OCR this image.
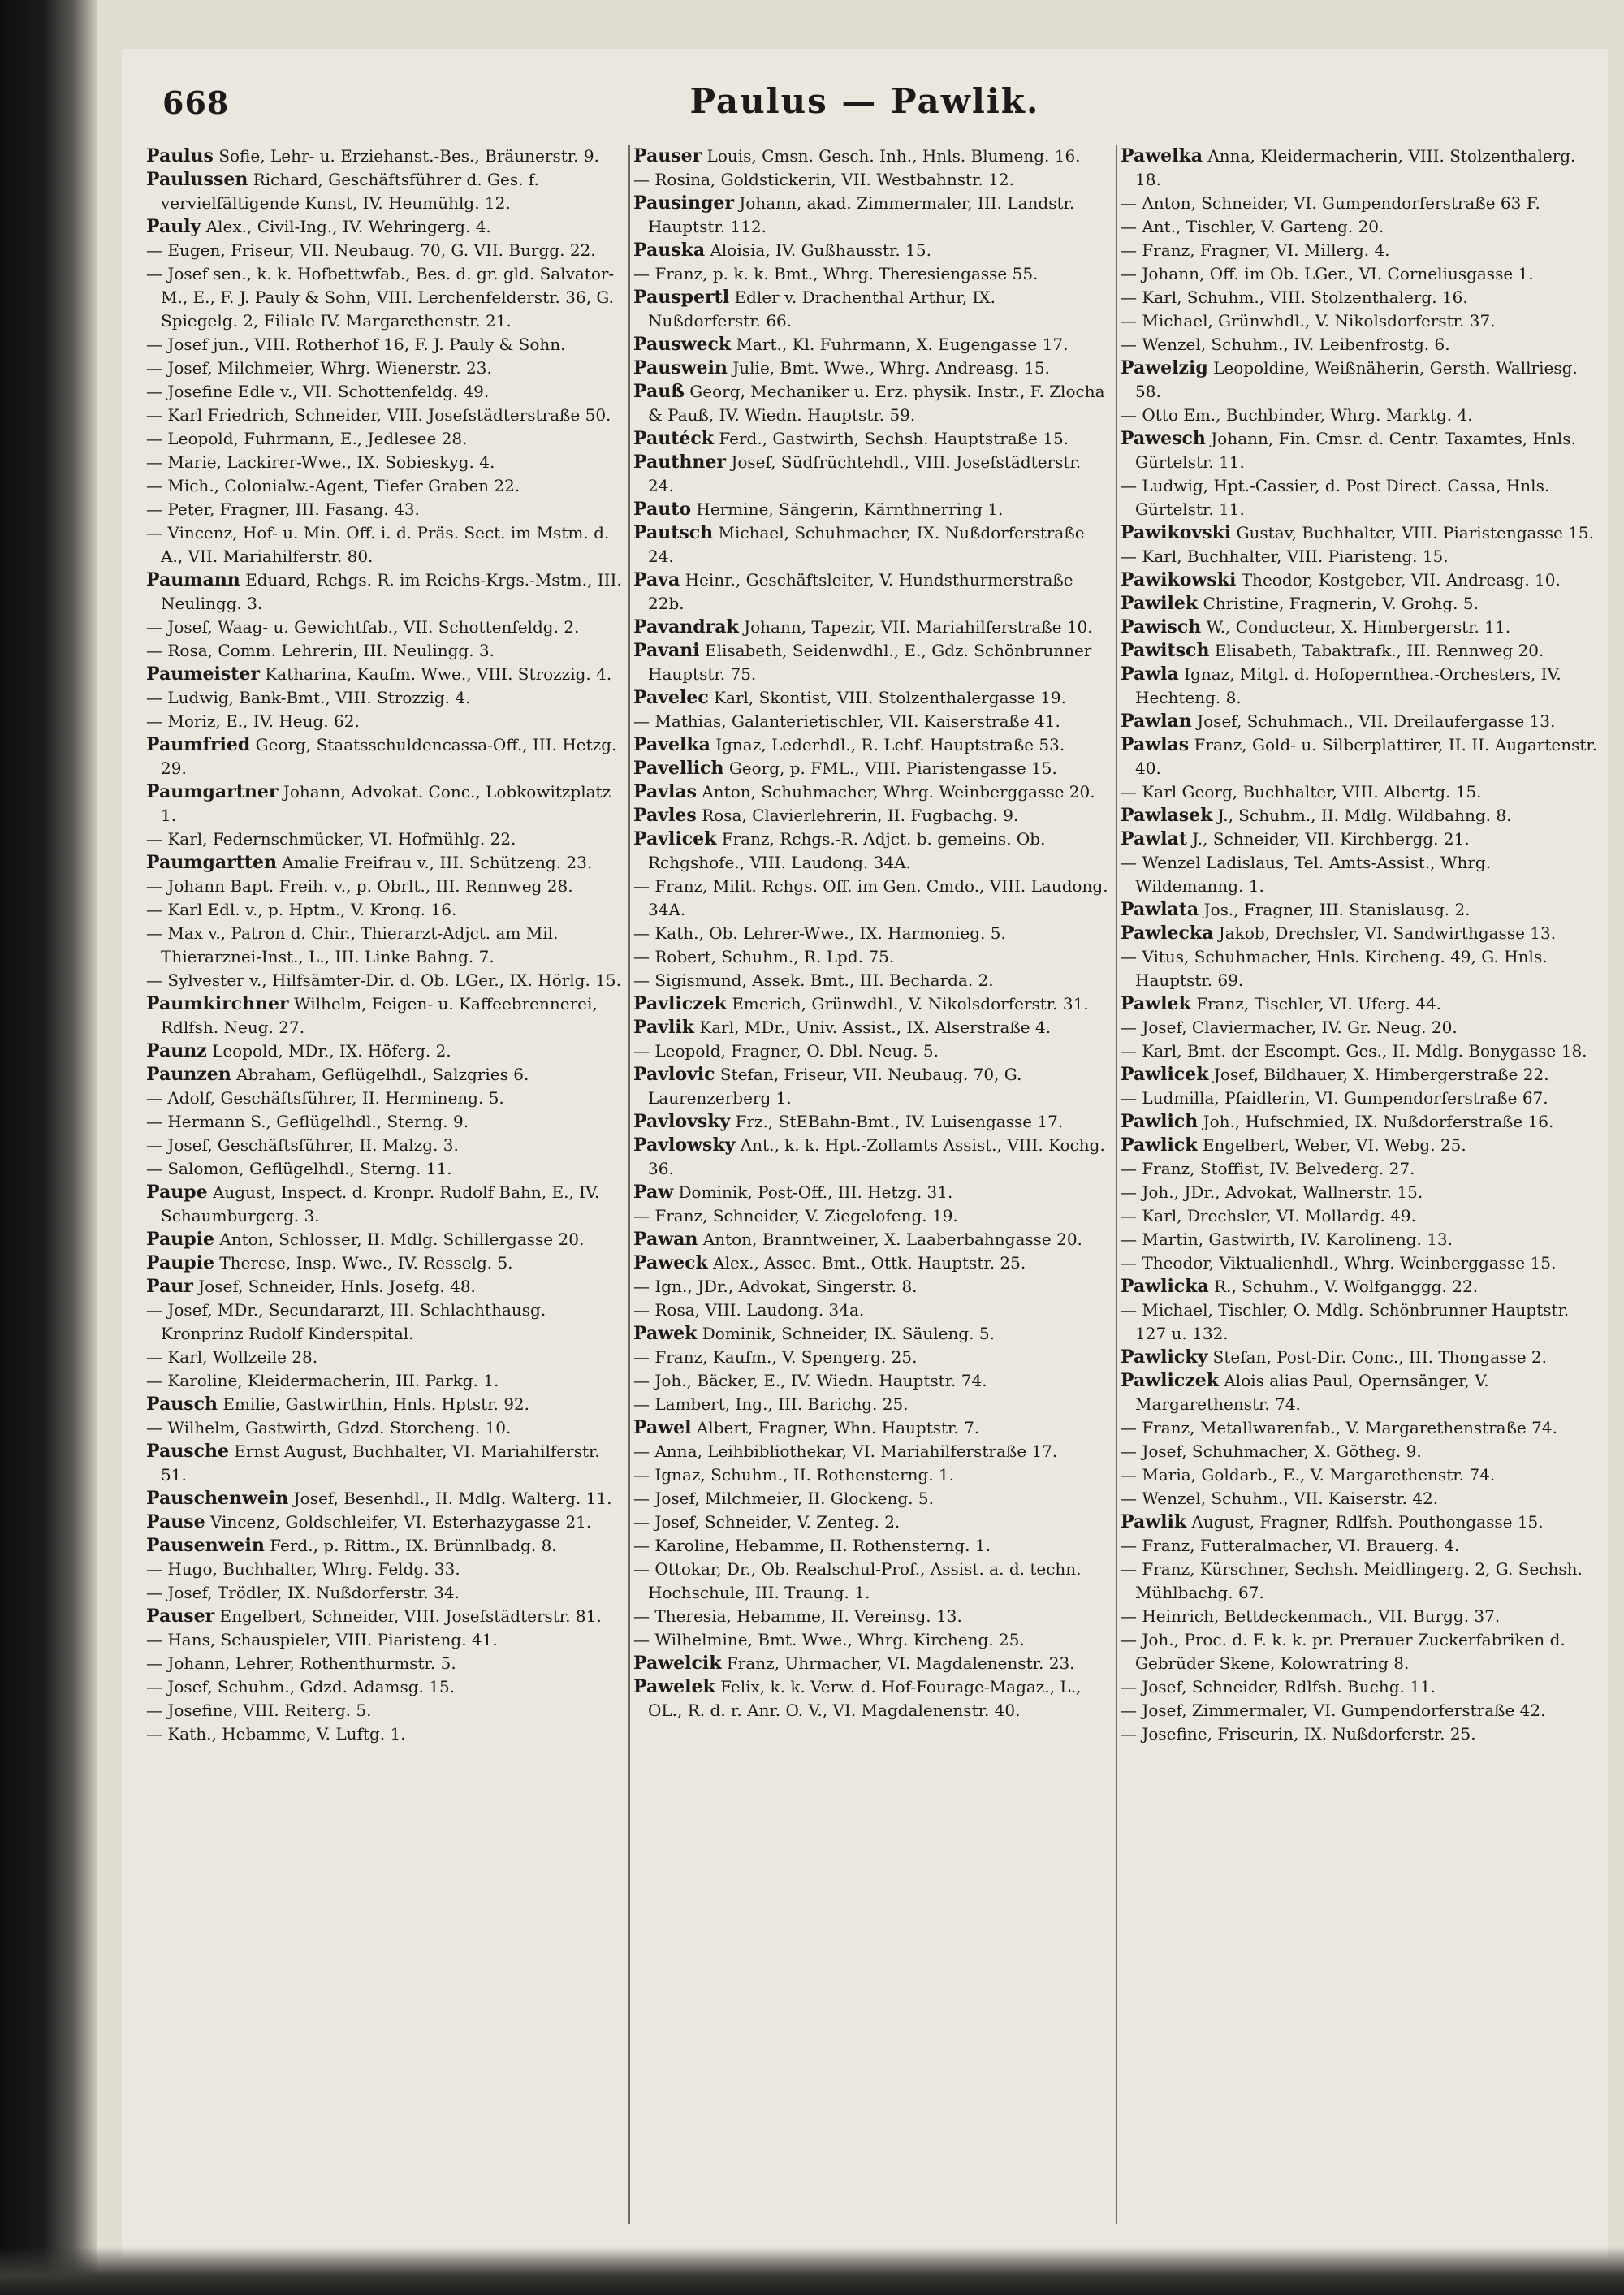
668	Paulus — Pawlik.

Paulus Sofie, Lehr- u. Erziehanst.-Bes., Bräunerstr. 9.

Paulussen Richard, Geschäftsführer d. Ges. f. vervielfältigende Kunst, IV. Heumühlg. 12.

Pauly Alex., Civil-Ing., IV. Wehringerg. 4.

— Eugen, Friseur, VII. Neubaug. 70, G. VII. Burgg. 22.

— Josef sen., k. k. Hofbettwfab., Bes. d. gr. gld. Salvator-M., E., F. J. Pauly & Sohn, VIII. Lerchenfelderstr. 36, G. Spiegelg. 2, Filiale IV. Margarethenstr. 21.

— Josef jun., VIII. Rotherhof 16, F. J. Pauly & Sohn.

— Josef, Milchmeier, Whrg. Wienerstr. 23.

— Josefine Edle v., VII. Schottenfeldg. 49.

— Karl Friedrich, Schneider, VIII. Josefstädterstraße 50.

— Leopold, Fuhrmann, E., Jedlesee 28.

— Marie, Lackirer-Wwe., IX. Sobieskyg. 4.

— Mich., Colonialw.-Agent, Tiefer Graben 22.

— Peter, Fragner, III. Fasang. 43.

— Vincenz, Hof- u. Min. Off. i. d. Präs. Sect. im Mstm. d. A., VII. Mariahilferstr. 80.

Paumann Eduard, Rchgs. R. im Reichs-Krgs.-Mstm., III. Neulingg. 3.

— Josef, Waag- u. Gewichtfab., VII. Schottenfeldg. 2.

— Rosa, Comm. Lehrerin, III. Neulingg. 3.

Paumeister Katharina, Kaufm. Wwe., VIII. Strozzig. 4.

— Ludwig, Bank-Bmt., VIII. Strozzig. 4.

— Moriz, E., IV. Heug. 62.

Paumfried Georg, Staatsschuldencassa-Off., III. Hetzg. 29.

Paumgartner Johann, Advokat. Conc., Lobkowitzplatz 1.

— Karl, Federnschmücker, VI. Hofmühlg. 22.

Paumgartten Amalie Freifrau v., III. Schützeng. 23.

— Johann Bapt. Freih. v., p. Obrlt., III. Rennweg 28.

— Karl Edl. v., p. Hptm., V. Krong. 16.

— Max v., Patron d. Chir., Thierarzt-Adjct. am Mil. Thierarznei-Inst., L., III. Linke Bahng. 7.

— Sylvester v., Hilfsämter-Dir. d. Ob. LGer., IX. Hörlg. 15.

Paumkirchner Wilhelm, Feigen- u. Kaffeebrennerei, Rdlfsh. Neug. 27.

Paunz Leopold, MDr., IX. Höferg. 2.

Paunzen Abraham, Geflügelhdl., Salzgries 6.

— Adolf, Geschäftsführer, II. Hermineng. 5.

— Hermann S., Geflügelhdl., Sterng. 9.

— Josef, Geschäftsführer, II. Malzg. 3.

— Salomon, Geflügelhdl., Sterng. 11.

Paupe August, Inspect. d. Kronpr. Rudolf Bahn, E., IV. Schaumburgerg. 3.

Paupie Anton, Schlosser, II. Mdlg. Schillergasse 20.

Paupie Therese, Insp. Wwe., IV. Resselg. 5.

Paur Josef, Schneider, Hnls. Josefg. 48.

— Josef, MDr., Secundararzt, III. Schlachthausg. Kronprinz Rudolf Kinderspital.

— Karl, Wollzeile 28.

— Karoline, Kleidermacherin, III. Parkg. 1.

Pausch Emilie, Gastwirthin, Hnls. Hptstr. 92.

— Wilhelm, Gastwirth, Gdzd. Storcheng. 10.

Pausche Ernst August, Buchhalter, VI. Mariahilferstr. 51.

Pauschenwein Josef, Besenhdl., II. Mdlg. Walterg. 11.

Pause Vincenz, Goldschleifer, VI. Esterhazygasse 21.

Pausenwein Ferd., p. Rittm., IX. Brünnlbadg. 8.

— Hugo, Buchhalter, Whrg. Feldg. 33.

— Josef, Trödler, IX. Nußdorferstr. 34.

Pauser Engelbert, Schneider, VIII. Josefstädterstr. 81.

— Hans, Schauspieler, VIII. Piaristeng. 41.

— Johann, Lehrer, Rothenthurmstr. 5.

— Josef, Schuhm., Gdzd. Adamsg. 15.

— Josefine, VIII. Reiterg. 5.

— Kath., Hebamme, V. Luftg. 1.

Pauser Louis, Cmsn. Gesch. Inh., Hnls. Blumeng. 16.

— Rosina, Goldstickerin, VII. Westbahnstr. 12.

Pausinger Johann, akad. Zimmermaler, III. Landstr. Hauptstr. 112.

Pauska Aloisia, IV. Gußhausstr. 15.

— Franz, p. k. k. Bmt., Whrg. Theresiengasse 55.

Pauspertl Edler v. Drachenthal Arthur, IX. Nußdorferstr. 66.

Pausweck Mart., Kl. Fuhrmann, X. Eugengasse 17.

Pauswein Julie, Bmt. Wwe., Whrg. Andreasg. 15.

Pauß Georg, Mechaniker u. Erz. physik. Instr., F. Zlocha & Pauß, IV. Wiedn. Hauptstr. 59.

Pautéck Ferd., Gastwirth, Sechsh. Hauptstraße 15.

Pauthner Josef, Südfrüchtehdl., VIII. Josefstädterstr. 24.

Pauto Hermine, Sängerin, Kärnthnerring 1.

Pautsch Michael, Schuhmacher, IX. Nußdorferstraße 24.

Pava Heinr., Geschäftsleiter, V. Hundsthurmerstraße 22b.

Pavandrak Johann, Tapezir, VII. Mariahilferstraße 10.

Pavani Elisabeth, Seidenwdhl., E., Gdz. Schönbrunner Hauptstr. 75.

Pavelec Karl, Skontist, VIII. Stolzenthalergasse 19.

— Mathias, Galanterietischler, VII. Kaiserstraße 41.

Pavelka Ignaz, Lederhdl., R. Lchf. Hauptstraße 53.

Pavellich Georg, p. FML., VIII. Piaristengasse 15.

Pavlas Anton, Schuhmacher, Whrg. Weinberggasse 20.

Pavles Rosa, Clavierlehrerin, II. Fugbachg. 9.

Pavlicek Franz, Rchgs.-R. Adjct. b. gemeins. Ob. Rchgshofe., VIII. Laudong. 34A.

— Franz, Milit. Rchgs. Off. im Gen. Cmdo., VIII. Laudong. 34A.

— Kath., Ob. Lehrer-Wwe., IX. Harmonieg. 5.

— Robert, Schuhm., R. Lpd. 75.

— Sigismund, Assek. Bmt., III. Becharda. 2.

Pavliczek Emerich, Grünwdhl., V. Nikolsdorferstr. 31.

Pavlik Karl, MDr., Univ. Assist., IX. Alserstraße 4.

— Leopold, Fragner, O. Dbl. Neug. 5.

Pavlovic Stefan, Friseur, VII. Neubaug. 70, G. Laurenzerberg 1.

Pavlovsky Frz., StEBahn-Bmt., IV. Luisengasse 17.

Pavlowsky Ant., k. k. Hpt.-Zollamts Assist., VIII. Kochg. 36.

Paw Dominik, Post-Off., III. Hetzg. 31.

— Franz, Schneider, V. Ziegelofeng. 19.

Pawan Anton, Branntweiner, X. Laaberbahngasse 20.

Paweck Alex., Assec. Bmt., Ottk. Hauptstr. 25.

— Ign., JDr., Advokat, Singerstr. 8.

— Rosa, VIII. Laudong. 34a.

Pawek Dominik, Schneider, IX. Säuleng. 5.

— Franz, Kaufm., V. Spengerg. 25.

— Joh., Bäcker, E., IV. Wiedn. Hauptstr. 74.

— Lambert, Ing., III. Barichg. 25.

Pawel Albert, Fragner, Whn. Hauptstr. 7.

— Anna, Leihbibliothekar, VI. Mariahilferstraße 17.

— Ignaz, Schuhm., II. Rothensterng. 1.

— Josef, Milchmeier, II. Glockeng. 5.

— Josef, Schneider, V. Zenteg. 2.

— Karoline, Hebamme, II. Rothensterng. 1.

— Ottokar, Dr., Ob. Realschul-Prof., Assist. a. d. techn. Hochschule, III. Traung. 1.

— Theresia, Hebamme, II. Vereinsg. 13.

— Wilhelmine, Bmt. Wwe., Whrg. Kircheng. 25.

Pawelcik Franz, Uhrmacher, VI. Magdalenenstr. 23.

Pawelek Felix, k. k. Verw. d. Hof-Fourage-Magaz., L., OL., R. d. r. Anr. O. V., VI. Magdalenenstr. 40.

Pawelka Anna, Kleidermacherin, VIII. Stolzenthalerg. 18.

— Anton, Schneider, VI. Gumpendorferstraße 63 F.

— Ant., Tischler, V. Garteng. 20.

— Franz, Fragner, VI. Millerg. 4.

— Johann, Off. im Ob. LGer., VI. Corneliusgasse 1.

— Karl, Schuhm., VIII. Stolzenthalerg. 16.

— Michael, Grünwhdl., V. Nikolsdorferstr. 37.

— Wenzel, Schuhm., IV. Leibenfrostg. 6.

Pawelzig Leopoldine, Weißnäherin, Gersth. Wallriesg. 58.

— Otto Em., Buchbinder, Whrg. Marktg. 4.

Pawesch Johann, Fin. Cmsr. d. Centr. Taxamtes, Hnls. Gürtelstr. 11.

— Ludwig, Hpt.-Cassier, d. Post Direct. Cassa, Hnls. Gürtelstr. 11.

Pawikovski Gustav, Buchhalter, VIII. Piaristengasse 15.

— Karl, Buchhalter, VIII. Piaristeng. 15.

Pawikowski Theodor, Kostgeber, VII. Andreasg. 10.

Pawilek Christine, Fragnerin, V. Grohg. 5.

Pawisch W., Conducteur, X. Himbergerstr. 11.

Pawitsch Elisabeth, Tabaktrafk., III. Rennweg 20.

Pawla Ignaz, Mitgl. d. Hofopernthea.-Orchesters, IV. Hechteng. 8.

Pawlan Josef, Schuhmach., VII. Dreilaufergasse 13.

Pawlas Franz, Gold- u. Silberplattirer, II. II. Augartenstr. 40.

— Karl Georg, Buchhalter, VIII. Albertg. 15.

Pawlasek J., Schuhm., II. Mdlg. Wildbahng. 8.

Pawlat J., Schneider, VII. Kirchbergg. 21.

— Wenzel Ladislaus, Tel. Amts-Assist., Whrg. Wildemanng. 1.

Pawlata Jos., Fragner, III. Stanislausg. 2.

Pawlecka Jakob, Drechsler, VI. Sandwirthgasse 13.

— Vitus, Schuhmacher, Hnls. Kircheng. 49, G. Hnls. Hauptstr. 69.

Pawlek Franz, Tischler, VI. Uferg. 44.

— Josef, Claviermacher, IV. Gr. Neug. 20.

— Karl, Bmt. der Escompt. Ges., II. Mdlg. Bonygasse 18.

Pawlicek Josef, Bildhauer, X. Himbergerstraße 22.

— Ludmilla, Pfaidlerin, VI. Gumpendorferstraße 67.

Pawlich Joh., Hufschmied, IX. Nußdorferstraße 16.

Pawlick Engelbert, Weber, VI. Webg. 25.

— Franz, Stoffist, IV. Belvederg. 27.

— Joh., JDr., Advokat, Wallnerstr. 15.

— Karl, Drechsler, VI. Mollardg. 49.

— Martin, Gastwirth, IV. Karolineng. 13.

— Theodor, Viktualienhdl., Whrg. Weinberggasse 15.

Pawlicka R., Schuhm., V. Wolfganggg. 22.

— Michael, Tischler, O. Mdlg. Schönbrunner Hauptstr. 127 u. 132.

Pawlicky Stefan, Post-Dir. Conc., III. Thongasse 2.

Pawliczek Alois alias Paul, Opernsänger, V. Margarethenstr. 74.

— Franz, Metallwarenfab., V. Margarethenstraße 74.

— Josef, Schuhmacher, X. Götheg. 9.

— Maria, Goldarb., E., V. Margarethenstr. 74.

— Wenzel, Schuhm., VII. Kaiserstr. 42.

Pawlik August, Fragner, Rdlfsh. Pouthongasse 15.

— Franz, Futteralmacher, VI. Brauerg. 4.

— Franz, Kürschner, Sechsh. Meidlingerg. 2, G. Sechsh. Mühlbachg. 67.

— Heinrich, Bettdeckenmach., VII. Burgg. 37.

— Joh., Proc. d. F. k. k. pr. Prerauer Zuckerfabriken d. Gebrüder Skene, Kolowratring 8.

— Josef, Schneider, Rdlfsh. Buchg. 11.

— Josef, Zimmermaler, VI. Gumpendorferstraße 42.

— Josefine, Friseurin, IX. Nußdorferstr. 25.
